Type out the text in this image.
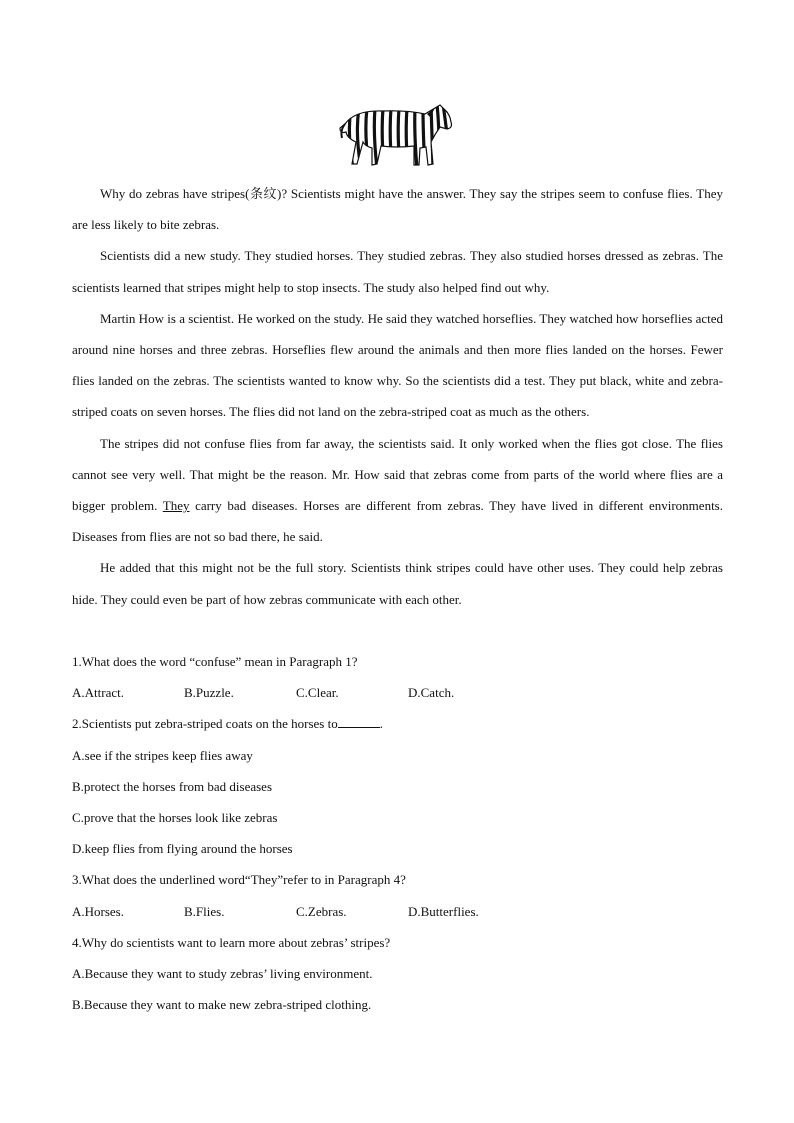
Why do zebras have stripes(条纹)? Scientists might have the answer. They say the stripes seem to confuse flies. They are less likely to bite zebras.

Scientists did a new study. They studied horses. They studied zebras. They also studied horses dressed as zebras. The scientists learned that stripes might help to stop insects. The study also helped find out why.

Martin How is a scientist. He worked on the study. He said they watched horseflies. They watched how horseflies acted around nine horses and three zebras. Horseflies flew around the animals and then more flies landed on the horses. Fewer flies landed on the zebras. The scientists wanted to know why. So the scientists did a test. They put black, white and zebra-striped coats on seven horses. The flies did not land on the zebra-striped coat as much as the others.

The stripes did not confuse flies from far away, the scientists said. It only worked when the flies got close. The flies cannot see very well. That might be the reason. Mr. How said that zebras come from parts of the world where flies are a bigger problem. They carry bad diseases. Horses are different from zebras. They have lived in different environments. Diseases from flies are not so bad there, he said.

He added that this might not be the full story. Scientists think stripes could have other uses. They could help zebras hide. They could even be part of how zebras communicate with each other.

1.What does the word “confuse” mean in Paragraph 1?
A.Attract.	B.Puzzle.	C.Clear.	D.Catch.
2.Scientists put zebra-striped coats on the horses to	.
A.see if the stripes keep flies away
B.protect the horses from bad diseases
C.prove that the horses look like zebras
D.keep flies from flying around the horses
3.What does the underlined word“They”refer to in Paragraph 4?
A.Horses.	B.Flies.	C.Zebras.	D.Butterflies.
4.Why do scientists want to learn more about zebras’ stripes?
A.Because they want to study zebras’ living environment.
B.Because they want to make new zebra-striped clothing.
